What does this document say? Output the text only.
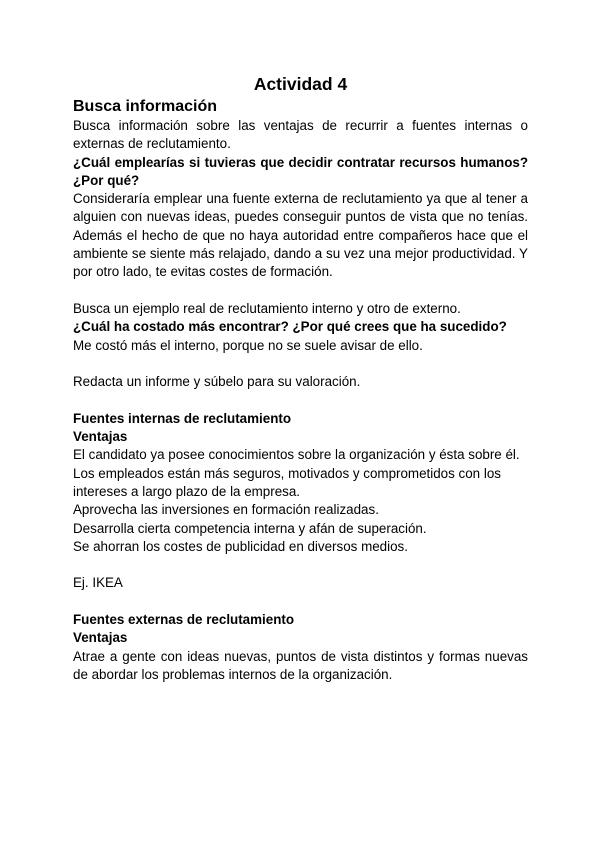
Actividad 4
Busca información

Busca información sobre las ventajas de recurrir a fuentes internas o externas de reclutamiento.

¿Cuál emplearías si tuvieras que decidir contratar recursos humanos? ¿Por qué?

Consideraría emplear una fuente externa de reclutamiento ya que al tener a alguien con nuevas ideas, puedes conseguir puntos de vista que no tenías. Además el hecho de que no haya autoridad entre compañeros hace que el ambiente se siente más relajado, dando a su vez una mejor productividad. Y por otro lado, te evitas costes de formación.

Busca un ejemplo real de reclutamiento interno y otro de externo.

¿Cuál ha costado más encontrar? ¿Por qué crees que ha sucedido?

Me costó más el interno, porque no se suele avisar de ello.

Redacta un informe y súbelo para su valoración.

Fuentes internas de reclutamiento

Ventajas

El candidato ya posee conocimientos sobre la organización y ésta sobre él.

Los empleados están más seguros, motivados y comprometidos con los intereses a largo plazo de la empresa.

Aprovecha las inversiones en formación realizadas.

Desarrolla cierta competencia interna y afán de superación.

Se ahorran los costes de publicidad en diversos medios.

Ej. IKEA

Fuentes externas de reclutamiento

Ventajas

Atrae a gente con ideas nuevas, puntos de vista distintos y formas nuevas de abordar los problemas internos de la organización.
